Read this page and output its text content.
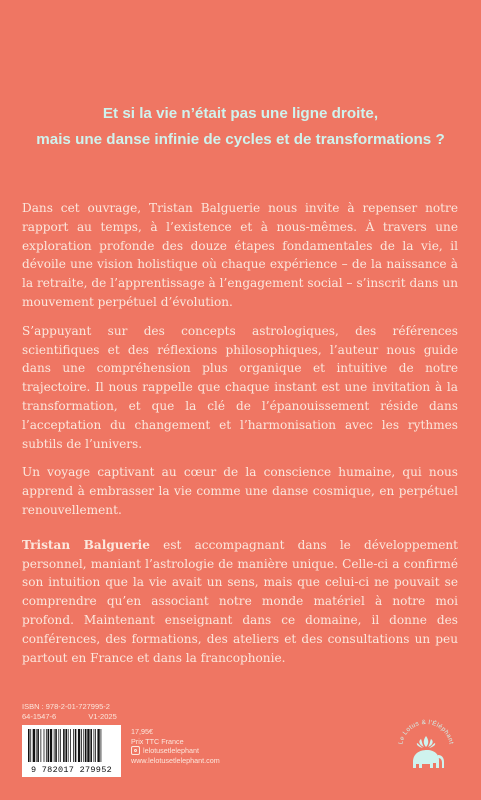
Et si la vie n’était pas une ligne droite,
mais une danse infinie de cycles et de transformations ?

Dans cet ouvrage, Tristan Balguerie nous invite à repenser notre rapport au temps, à l’existence et à nous-mêmes. À travers une exploration profonde des douze étapes fondamentales de la vie, il dévoile une vision holistique où chaque expérience – de la naissance à la retraite, de l’apprentissage à l’engagement social – s’inscrit dans un mouvement perpétuel d’évolution.

S’appuyant sur des concepts astrologiques, des références scientifiques et des réflexions philosophiques, l’auteur nous guide dans une compréhension plus organique et intuitive de notre trajectoire. Il nous rappelle que chaque instant est une invitation à la transformation, et que la clé de l’épanouissement réside dans l’acceptation du changement et l’harmonisation avec les rythmes subtils de l’univers.

Un voyage captivant au cœur de la conscience humaine, qui nous apprend à embrasser la vie comme une danse cosmique, en perpétuel renouvellement.

Tristan Balguerie est accompagnant dans le développement personnel, maniant l’astrologie de manière unique. Celle-ci a confirmé son intuition que la vie avait un sens, mais que celui-ci ne pouvait se comprendre qu’en associant notre monde matériel à notre moi profond. Maintenant enseignant dans ce domaine, il donne des conférences, des formations, des ateliers et des consultations un peu partout en France et dans la francophonie.

ISBN : 978-2-01-727995-2
64-1547-6	V1-2025
9 782017 279952
17,95€
Prix TTC France
lelotusetlelephant
www.lelotusetlelephant.com
Le Lotus & l'Éléphant
